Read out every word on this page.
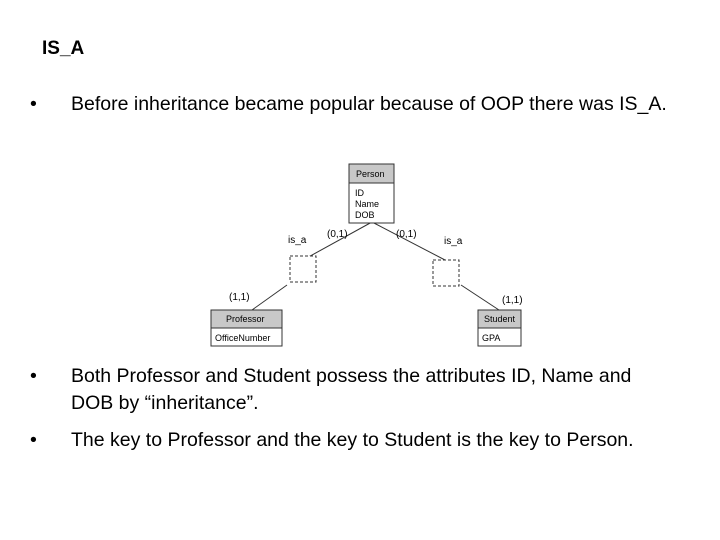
IS_A
• Before inheritance became popular because of OOP there was IS_A.
Person
ID
Name
DOB
is_a
(0,1)
(1,1)
is_a
(0,1)
(1,1)
Professor
OfficeNumber
Student
GPA
• Both Professor and Student possess the attributes ID, Name and DOB by “inheritance”.
• The key to Professor and the key to Student is the key to Person.
